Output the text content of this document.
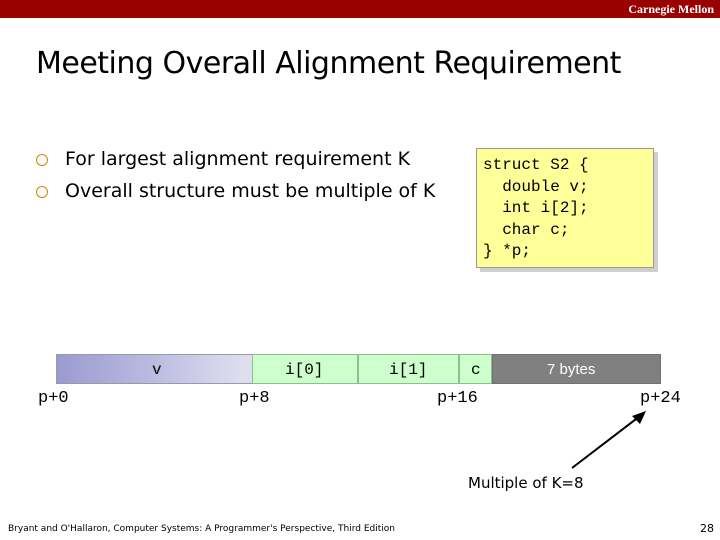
Carnegie Mellon
Meeting Overall Alignment Requirement
For largest alignment requirement K
Overall structure must be multiple of K
struct S2 {
double v;
int i[2];
char c;
} *p;
v	i[0]	i[1]	c	7 bytes
p+0	p+8	p+16	p+24
Multiple of K=8
Bryant and O'Hallaron, Computer Systems: A Programmer's Perspective, Third Edition	28
